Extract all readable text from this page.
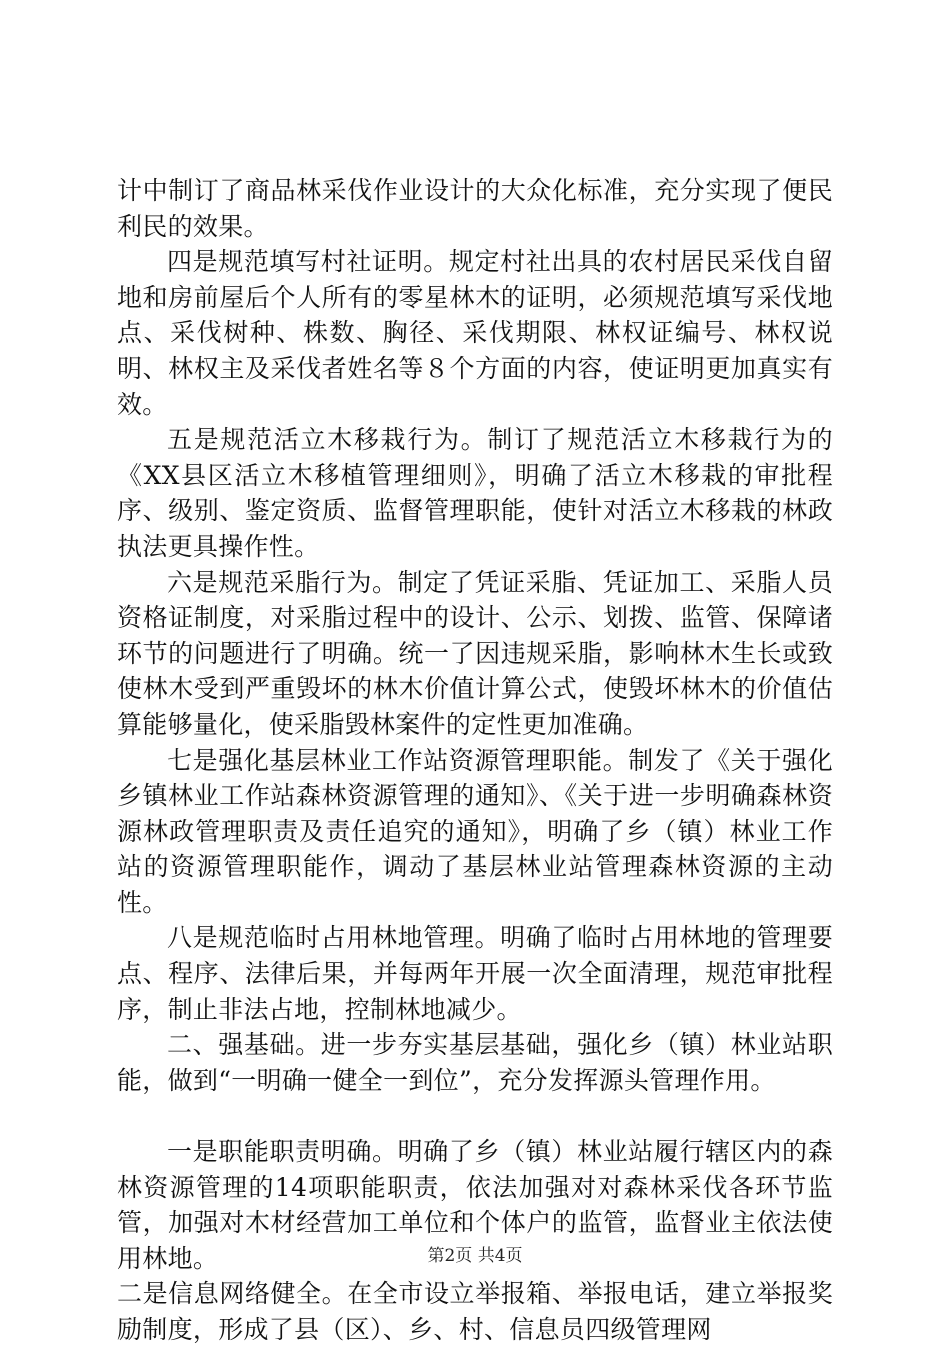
计中制订了商品林采伐作业设计的大众化标准，充分实现了便民利民的效果。

四是规范填写村社证明。规定村社出具的农村居民采伐自留地和房前屋后个人所有的零星林木的证明，必须规范填写采伐地点、采伐树种、株数、胸径、采伐期限、林权证编号、林权说明、林权主及采伐者姓名等８个方面的内容，使证明更加真实有效。

五是规范活立木移栽行为。制订了规范活立木移栽行为的《XX县区活立木移植管理细则》，明确了活立木移栽的审批程序、级别、鉴定资质、监督管理职能，使针对活立木移栽的林政执法更具操作性。

六是规范采脂行为。制定了凭证采脂、凭证加工、采脂人员资格证制度，对采脂过程中的设计、公示、划拨、监管、保障诸环节的问题进行了明确。统一了因违规采脂，影响林木生长或致使林木受到严重毁坏的林木价值计算公式，使毁坏林木的价值估算能够量化，使采脂毁林案件的定性更加准确。

七是强化基层林业工作站资源管理职能。制发了《关于强化乡镇林业工作站森林资源管理的通知》、《关于进一步明确森林资源林政管理职责及责任追究的通知》，明确了乡（镇）林业工作站的资源管理职能作，调动了基层林业站管理森林资源的主动性。

八是规范临时占用林地管理。明确了临时占用林地的管理要点、程序、法律后果，并每两年开展一次全面清理，规范审批程序，制止非法占地，控制林地减少。

二、强基础。进一步夯实基层基础，强化乡（镇）林业站职能，做到“一明确一健全一到位”，充分发挥源头管理作用。

一是职能职责明确。明确了乡（镇）林业站履行辖区内的森林资源管理的14项职能职责，依法加强对对森林采伐各环节监管，加强对木材经营加工单位和个体户的监管，监督业主依法使用林地。

二是信息网络健全。在全市设立举报箱、举报电话，建立举报奖励制度，形成了县（区）、乡、村、信息员四级管理网

第2页 共4页
